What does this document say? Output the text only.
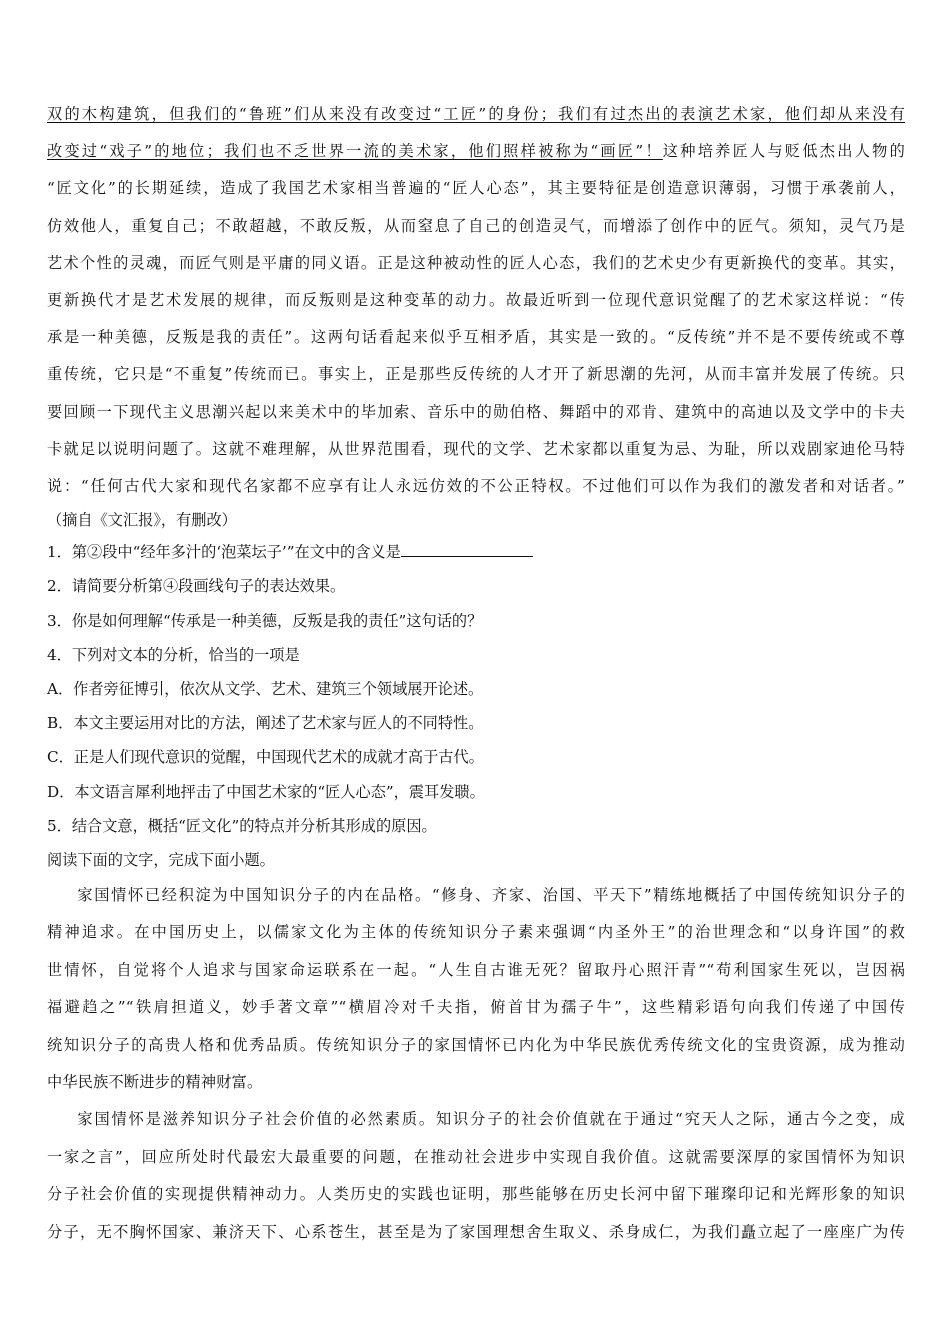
双的木构建筑，但我们的“鲁班”们从来没有改变过“工匠”的身份；我们有过杰出的表演艺术家，他们却从来没有
改变过“戏子”的地位；我们也不乏世界一流的美术家，他们照样被称为“画匠”！这种培养匠人与贬低杰出人物的
“匠文化”的长期延续，造成了我国艺术家相当普遍的“匠人心态”，其主要特征是创造意识薄弱，习惯于承袭前人，
仿效他人，重复自己；不敢超越，不敢反叛，从而窒息了自己的创造灵气，而增添了创作中的匠气。须知，灵气乃是
艺术个性的灵魂，而匠气则是平庸的同义语。正是这种被动性的匠人心态，我们的艺术史少有更新换代的变革。其实，
更新换代才是艺术发展的规律，而反叛则是这种变革的动力。故最近听到一位现代意识觉醒了的艺术家这样说：“传
承是一种美德，反叛是我的责任”。这两句话看起来似乎互相矛盾，其实是一致的。“反传统”并不是不要传统或不尊
重传统，它只是“不重复”传统而已。事实上，正是那些反传统的人才开了新思潮的先河，从而丰富并发展了传统。只
要回顾一下现代主义思潮兴起以来美术中的毕加索、音乐中的勋伯格、舞蹈中的邓肯、建筑中的高迪以及文学中的卡夫
卡就足以说明问题了。这就不难理解，从世界范围看，现代的文学、艺术家都以重复为忌、为耻，所以戏剧家迪伦马特
说：“任何古代大家和现代名家都不应享有让人永远仿效的不公正特权。不过他们可以作为我们的激发者和对话者。”

（摘自《文汇报》，有删改）

1．第②段中“经年多汁的‘泡菜坛子’”在文中的含义是

2．请简要分析第④段画线句子的表达效果。

3．你是如何理解“传承是一种美德，反叛是我的责任”这句话的？

4．下列对文本的分析，恰当的一项是

A．作者旁征博引，依次从文学、艺术、建筑三个领域展开论述。

B．本文主要运用对比的方法，阐述了艺术家与匠人的不同特性。

C．正是人们现代意识的觉醒，中国现代艺术的成就才高于古代。

D．本文语言犀利地抨击了中国艺术家的“匠人心态”，震耳发聩。

5．结合文意，概括“匠文化”的特点并分析其形成的原因。

阅读下面的文字，完成下面小题。

家国情怀已经积淀为中国知识分子的内在品格。“修身、齐家、治国、平天下”精练地概括了中国传统知识分子的
精神追求。在中国历史上，以儒家文化为主体的传统知识分子素来强调“内圣外王”的治世理念和“以身许国”的救
世情怀，自觉将个人追求与国家命运联系在一起。“人生自古谁无死？留取丹心照汗青”“苟利国家生死以，岂因祸
福避趋之”“铁肩担道义，妙手著文章”“横眉冷对千夫指，俯首甘为孺子牛”，这些精彩语句向我们传递了中国传
统知识分子的高贵人格和优秀品质。传统知识分子的家国情怀已内化为中华民族优秀传统文化的宝贵资源，成为推动
中华民族不断进步的精神财富。
家国情怀是滋养知识分子社会价值的必然素质。知识分子的社会价值就在于通过“究天人之际，通古今之变，成
一家之言”，回应所处时代最宏大最重要的问题，在推动社会进步中实现自我价值。这就需要深厚的家国情怀为知识
分子社会价值的实现提供精神动力。人类历史的实践也证明，那些能够在历史长河中留下璀璨印记和光辉形象的知识
分子，无不胸怀国家、兼济天下、心系苍生，甚至是为了家国理想舍生取义、杀身成仁，为我们矗立起了一座座广为传
